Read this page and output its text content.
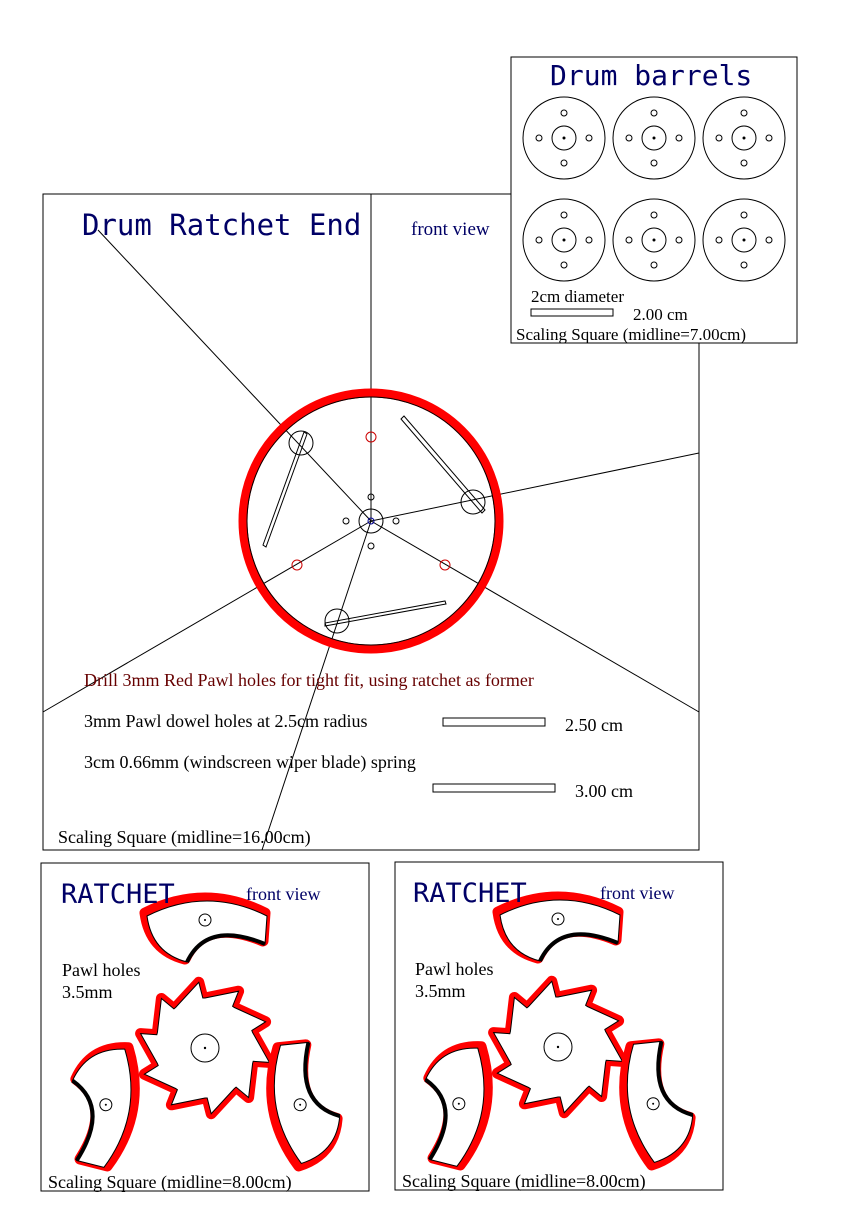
Drum Ratchet End	front view
Drill 3mm Red Pawl holes for tight fit, using ratchet as former
3mm Pawl dowel holes at 2.5cm radius	2.50 cm
3cm 0.66mm (windscreen wiper blade) spring
3.00 cm
Scaling Square (midline=16.00cm)
Drum barrels
2cm diameter
2.00 cm
Scaling Square (midline=7.00cm)
RATCHET	front view
Pawl holes
3.5mm
Scaling Square (midline=8.00cm)
RATCHET	front view
Pawl holes
3.5mm
Scaling Square (midline=8.00cm)
